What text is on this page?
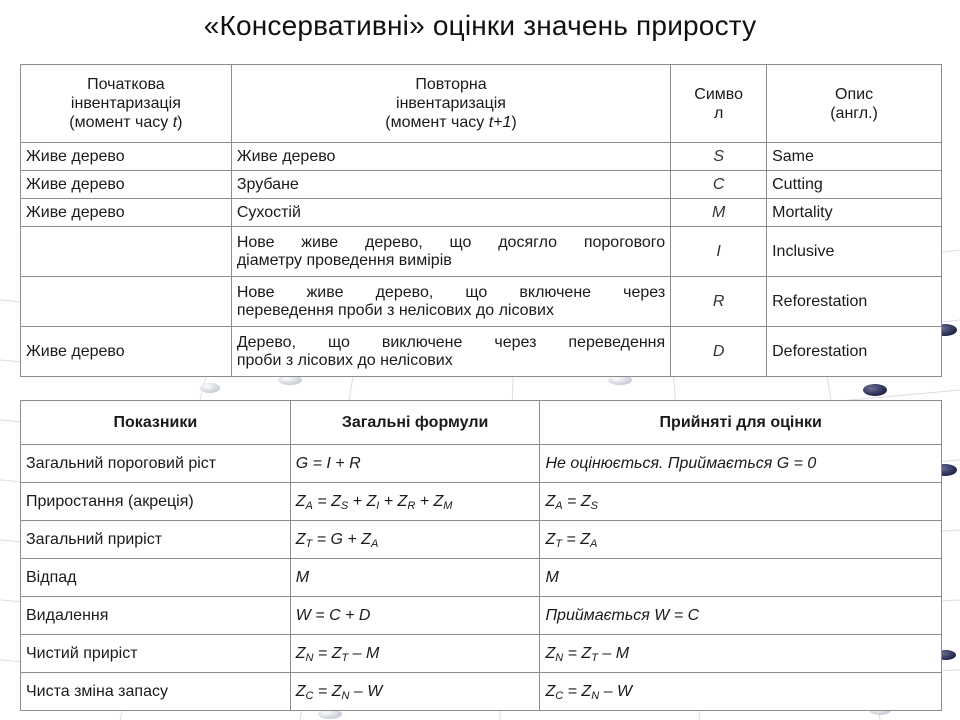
«Консервативні» оцінки значень приросту
Початкова
інвентаризація
(момент часу t)	Повторна
інвентаризація
(момент часу t+1)	Симво
л	Опис
(англ.)
Живе дерево	Живе дерево	S	Same
Живе дерево	Зрубане	C	Cutting
Живе дерево	Сухостій	M	Mortality

	Нове живе дерево, що досягло порогового
діаметру проведення вимірів	I	Inclusive

	Нове живе дерево, що включене через
переведення проби з нелісових до лісових	R	Reforestation
Живе дерево	Дерево, що виключене через переведення
проби з лісових до нелісових	D	Deforestation
Показники	Загальні формули	Прийняті для оцінки
Загальний пороговий ріст	G = I + R	Не оцінюється. Приймається G = 0
Приростання (акреція)	$Z_A = Z_S + Z_I + Z_R + Z_M$	$Z_A = Z_S$
Загальний приріст	$Z_T = G + Z_A$	$Z_T = Z_A$
Відпад	M	M
Видалення	W = C + D	Приймається W = C
Чистий приріст	$Z_N = Z_T - M$	$Z_N = Z_T - M$
Чиста зміна запасу	$Z_C = Z_N - W$	$Z_C = Z_N - W$
